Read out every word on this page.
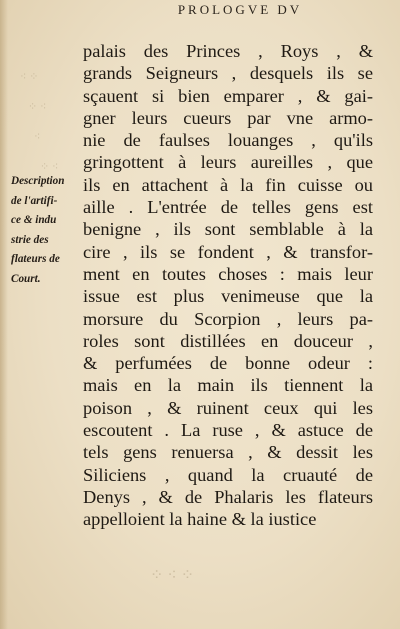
⁖ ⁘
⁘ ⁖
⁖
⁘ ⁖
⁘ ⁖ ⁘
PROLOGVE DV
Description
de l'artifi-
ce & indu
strie des
flateurs de
Court.
palais des Princes , Roys , &
grands Seigneurs , desquels ils se
sçauent si bien emparer , & gai-
gner leurs cueurs par vne armo-
nie de faulses louanges , qu'ils
gringottent à leurs aureilles , que
ils en attachent à la fin cuisse ou
aille . L'entrée de telles gens est
benigne , ils sont semblable à la
cire , ils se fondent , & transfor-
ment en toutes choses : mais leur
issue est plus venimeuse que la
morsure du Scorpion , leurs pa-
roles sont distillées en douceur ,
& perfumées de bonne odeur :
mais en la main ils tiennent la
poison , & ruinent ceux qui les
escoutent . La ruse , & astuce de
tels gens renuersa , & dessit les
Siliciens , quand la cruauté de
Denys , & de Phalaris les flateurs
appelloient la haine & la iustice
